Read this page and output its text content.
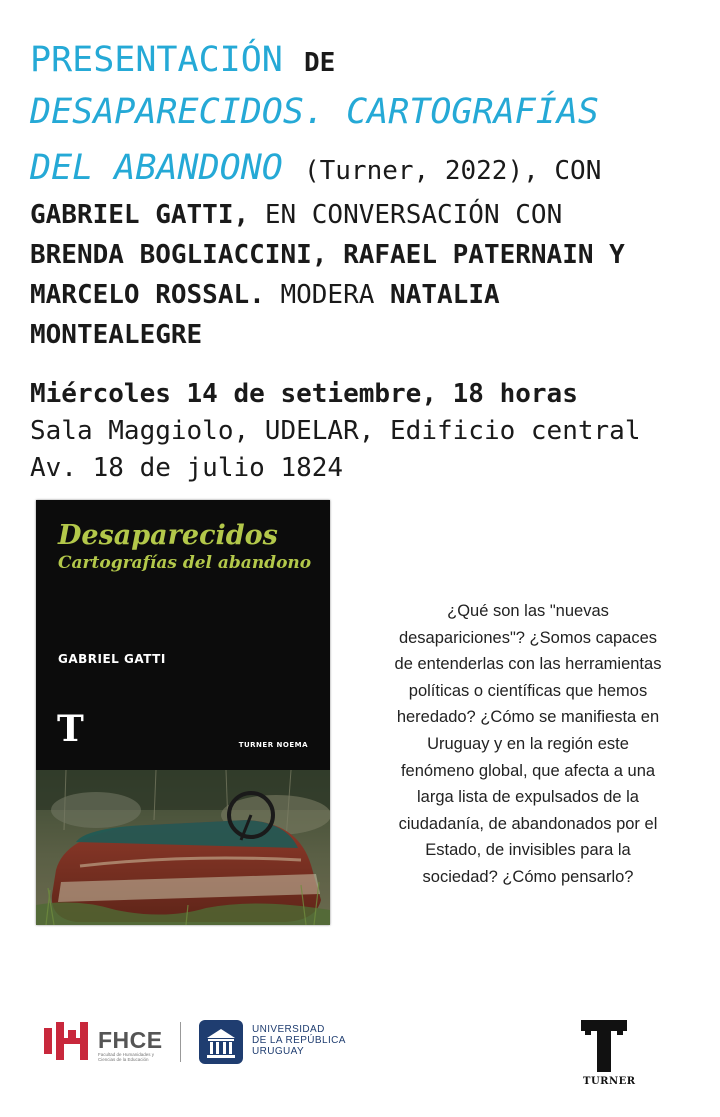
PRESENTACIÓN DE
DESAPARECIDOS. CARTOGRAFÍAS
DEL ABANDONO (Turner, 2022), CON
GABRIEL GATTI, EN CONVERSACIÓN CON
BRENDA BOGLIACCINI, RAFAEL PATERNAIN Y
MARCELO ROSSAL. MODERA NATALIA
MONTEALEGRE
Miércoles 14 de setiembre, 18 horas
Sala Maggiolo, UDELAR, Edificio central
Av. 18 de julio 1824
Desaparecidos
Cartografías del abandono
GABRIEL GATTI
T	TURNER NOEMA
¿Qué son las "nuevas
desapariciones"? ¿Somos capaces
de entenderlas con las herramientas
políticas o científicas que hemos
heredado? ¿Cómo se manifiesta en
Uruguay y en la región este
fenómeno global, que afecta a una
larga lista de expulsados de la
ciudadanía, de abandonados por el
Estado, de invisibles para la
sociedad? ¿Cómo pensarlo?
FHCE
Facultad de Humanidades y Ciencias de la Educación
UNIVERSIDAD
DE LA REPÚBLICA
URUGUAY
TURNER
